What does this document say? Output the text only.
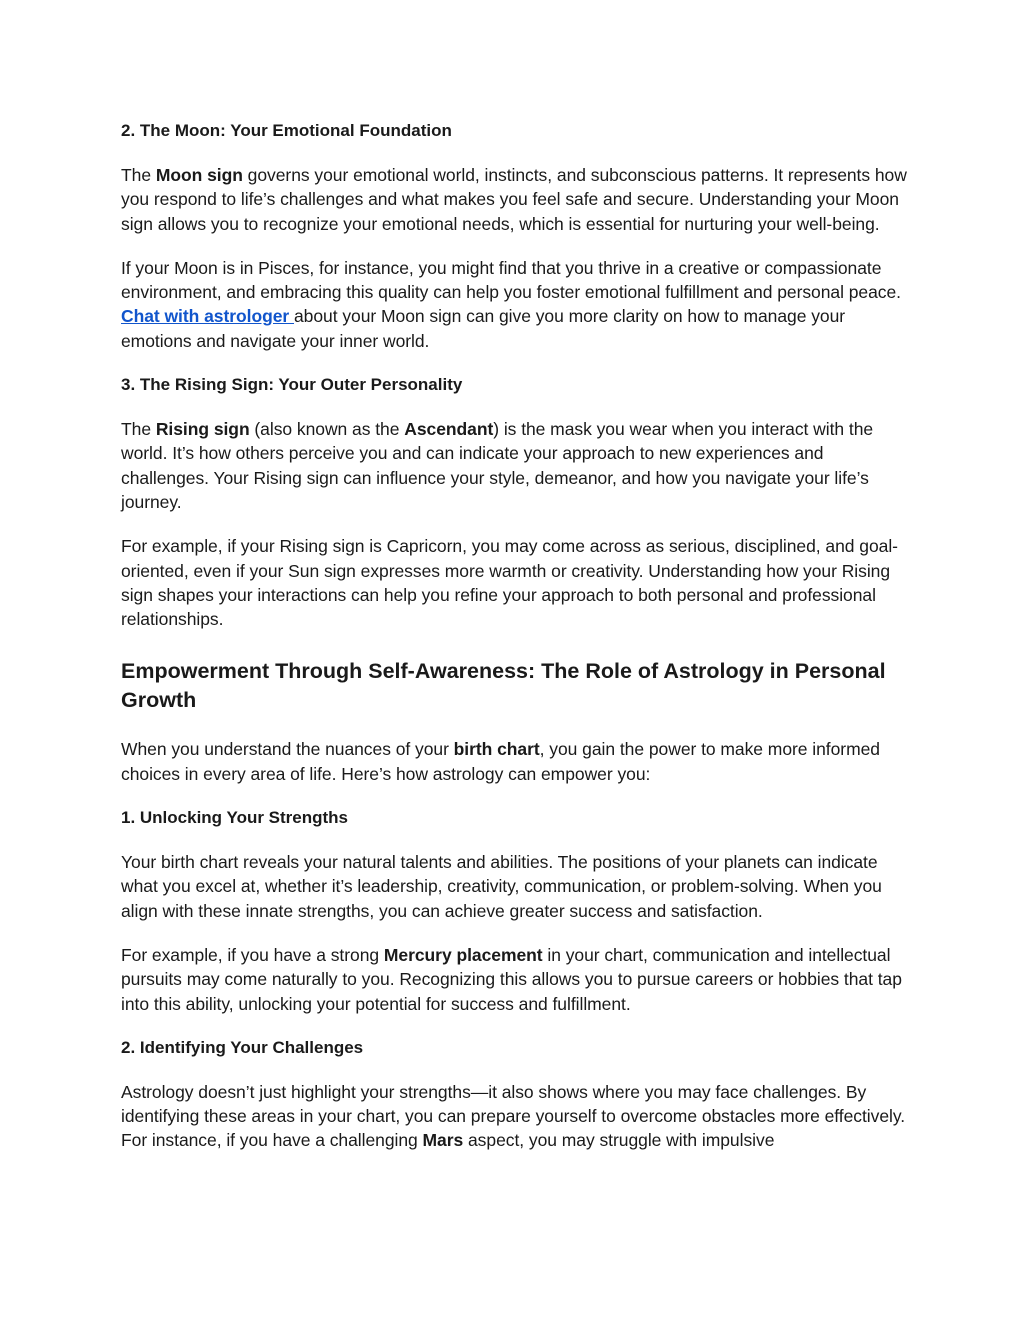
2. The Moon: Your Emotional Foundation

The Moon sign governs your emotional world, instincts, and subconscious patterns. It represents how you respond to life’s challenges and what makes you feel safe and secure. Understanding your Moon sign allows you to recognize your emotional needs, which is essential for nurturing your well-being.

If your Moon is in Pisces, for instance, you might find that you thrive in a creative or compassionate environment, and embracing this quality can help you foster emotional fulfillment and personal peace. Chat with astrologer about your Moon sign can give you more clarity on how to manage your emotions and navigate your inner world.

3. The Rising Sign: Your Outer Personality

The Rising sign (also known as the Ascendant) is the mask you wear when you interact with the world. It’s how others perceive you and can indicate your approach to new experiences and challenges. Your Rising sign can influence your style, demeanor, and how you navigate your life’s journey.

For example, if your Rising sign is Capricorn, you may come across as serious, disciplined, and goal-oriented, even if your Sun sign expresses more warmth or creativity. Understanding how your Rising sign shapes your interactions can help you refine your approach to both personal and professional relationships.

Empowerment Through Self-Awareness: The Role of Astrology in Personal Growth

When you understand the nuances of your birth chart, you gain the power to make more informed choices in every area of life. Here’s how astrology can empower you:

1. Unlocking Your Strengths

Your birth chart reveals your natural talents and abilities. The positions of your planets can indicate what you excel at, whether it’s leadership, creativity, communication, or problem-solving. When you align with these innate strengths, you can achieve greater success and satisfaction.

For example, if you have a strong Mercury placement in your chart, communication and intellectual pursuits may come naturally to you. Recognizing this allows you to pursue careers or hobbies that tap into this ability, unlocking your potential for success and fulfillment.

2. Identifying Your Challenges

Astrology doesn’t just highlight your strengths—it also shows where you may face challenges. By identifying these areas in your chart, you can prepare yourself to overcome obstacles more effectively. For instance, if you have a challenging Mars aspect, you may struggle with impulsive
